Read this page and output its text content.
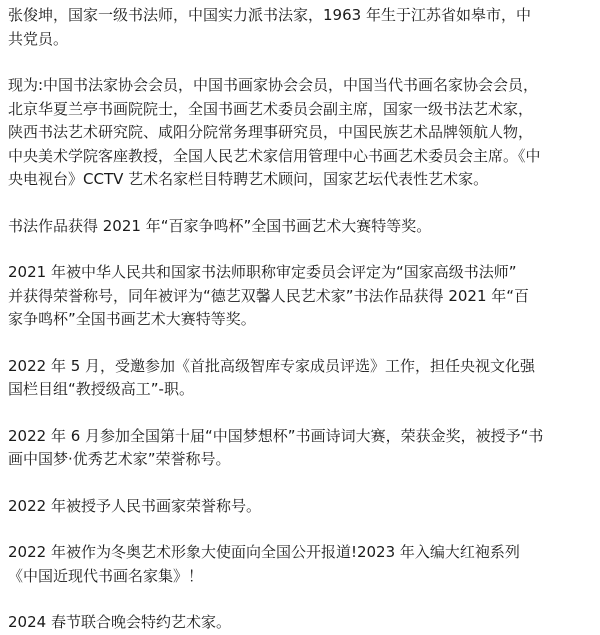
张俊坤，国家一级书法师，中国实力派书法家，1963 年生于江苏省如皋市，中
共党员。

现为:中国书法家协会会员，中国书画家协会会员，中国当代书画名家协会会员，
北京华夏兰亭书画院院士，全国书画艺术委员会副主席，国家一级书法艺术家，
陕西书法艺术研究院、咸阳分院常务理事研究员，中国民族艺术品牌领航人物，
中央美术学院客座教授，全国人民艺术家信用管理中心书画艺术委员会主席。《中
央电视台》CCTV 艺术名家栏目特聘艺术顾问，国家艺坛代表性艺术家。

书法作品获得 2021 年“百家争鸣杯”全国书画艺术大赛特等奖。

2021 年被中华人民共和国家书法师职称审定委员会评定为“国家高级书法师”
并获得荣誉称号，同年被评为“德艺双馨人民艺术家”书法作品获得 2021 年“百
家争鸣杯”全国书画艺术大赛特等奖。

2022 年 5 月，受邀参加《首批高级智库专家成员评选》工作，担任央视文化强
国栏目组“教授级高工”-职。

2022 年 6 月参加全国第十届“中国梦想杯”书画诗词大赛，荣获金奖，被授予“书
画中国梦·优秀艺术家”荣誉称号。

2022 年被授予人民书画家荣誉称号。

2022 年被作为冬奥艺术形象大使面向全国公开报道!2023 年入编大红袍系列
《中国近现代书画名家集》！

2024 春节联合晚会特约艺术家。
